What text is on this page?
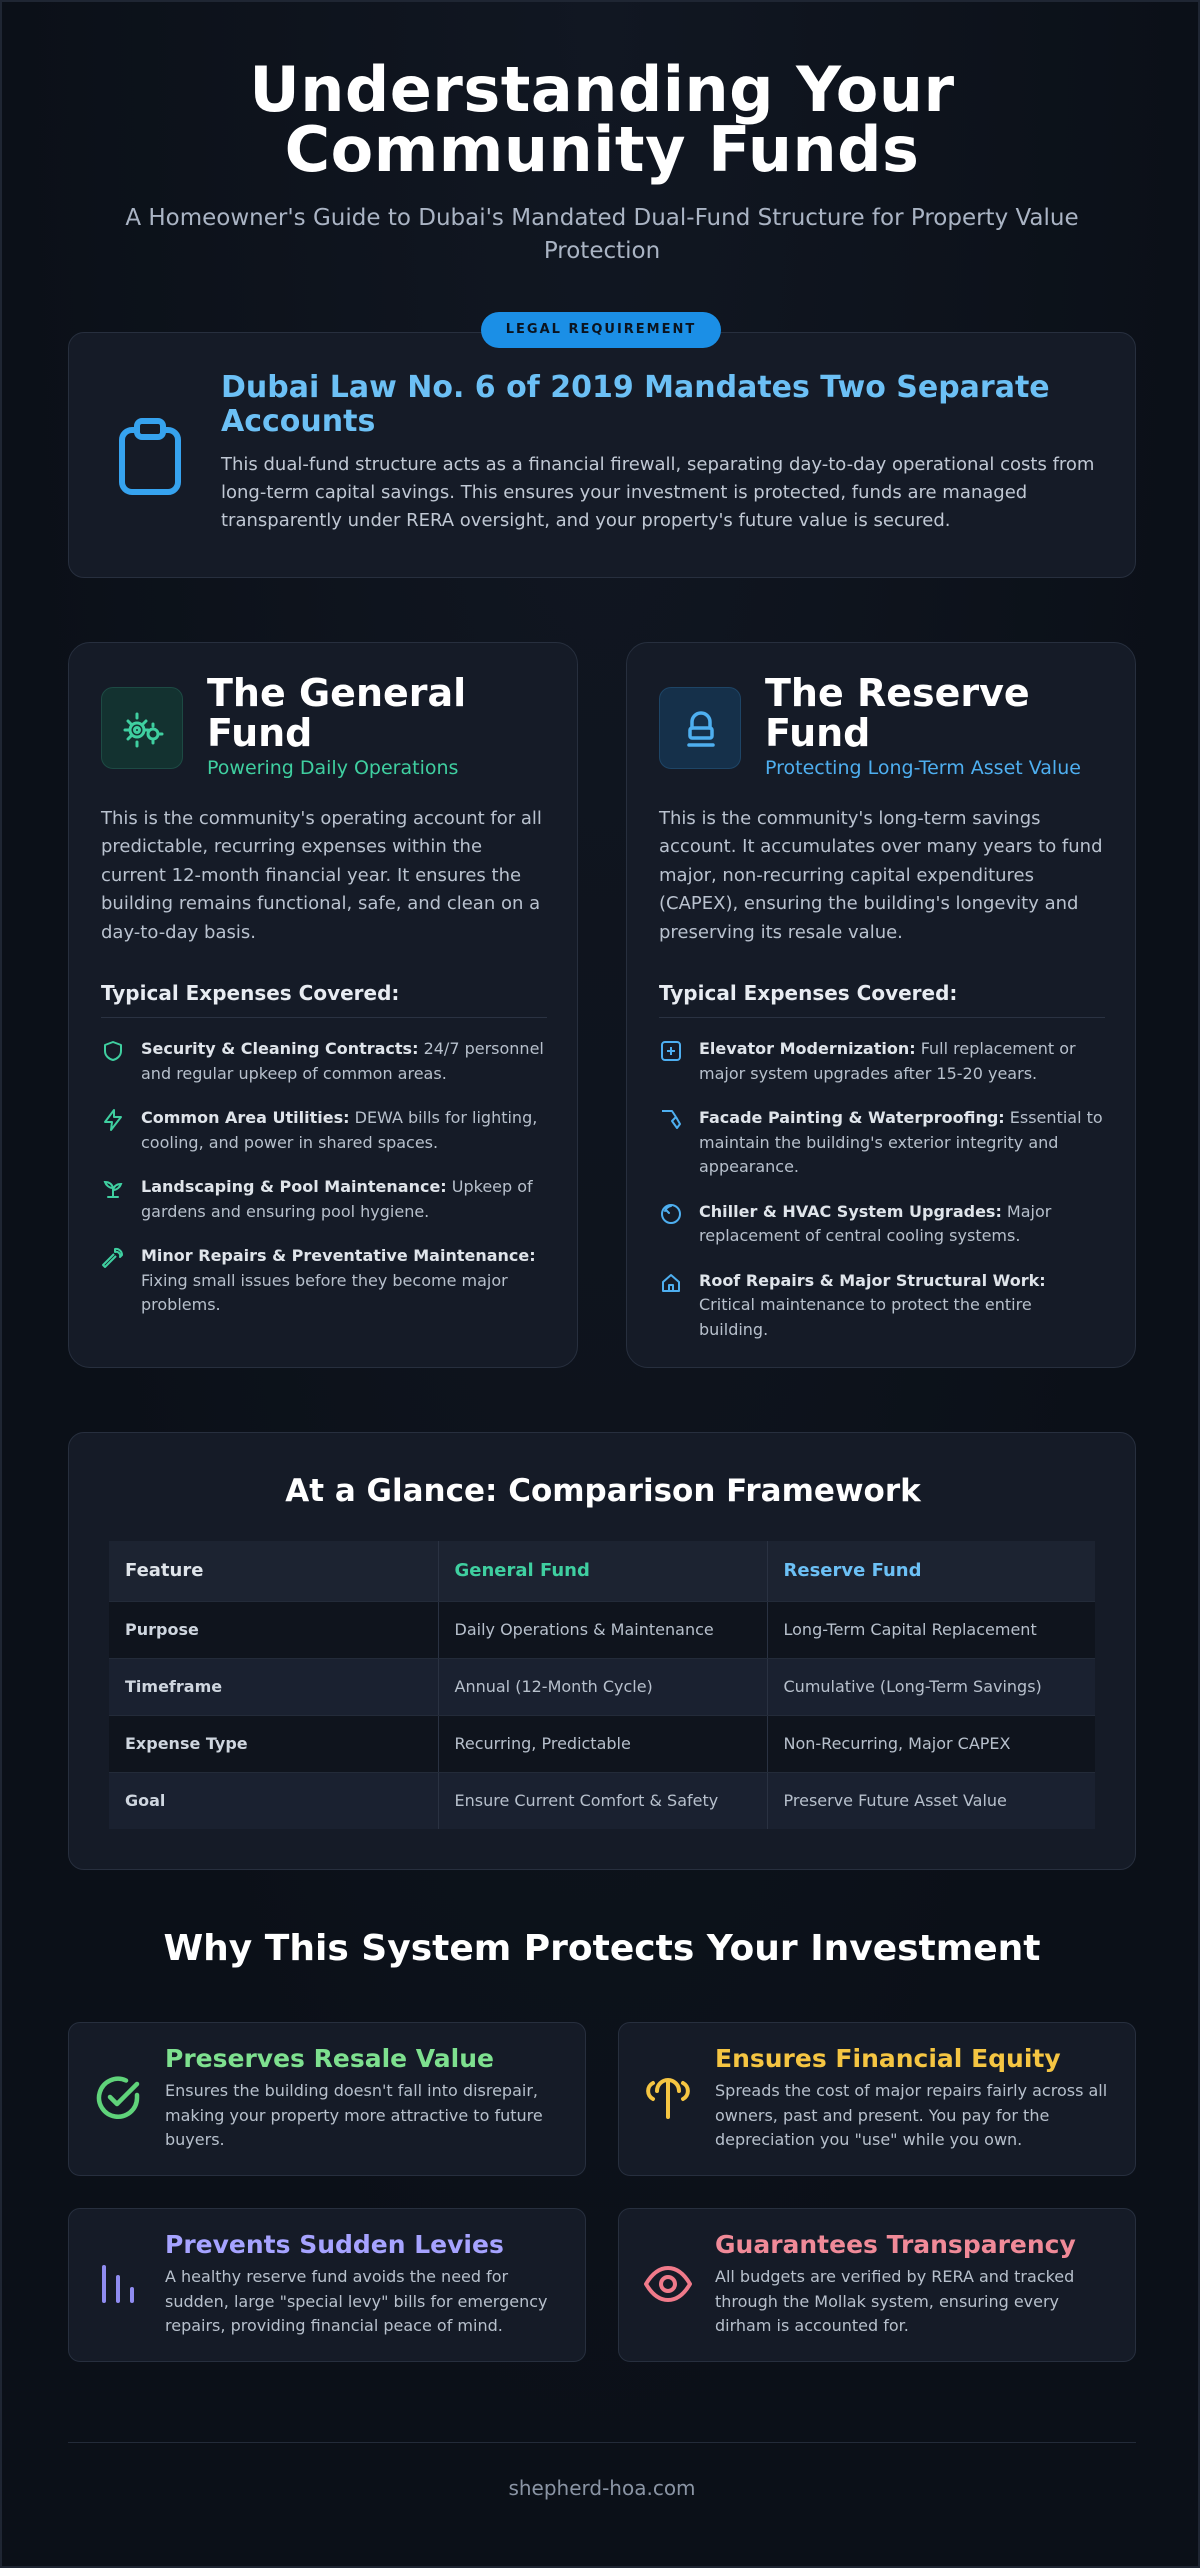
Understanding Your Community Funds

A Homeowner's Guide to Dubai's Mandated Dual-Fund Structure for Property Value Protection

LEGAL REQUIREMENT
Dubai Law No. 6 of 2019 Mandates Two Separate Accounts

This dual-fund structure acts as a financial firewall, separating day-to-day operational costs from long-term capital savings. This ensures your investment is protected, funds are managed transparently under RERA oversight, and your property's future value is secured.

The General Fund
Powering Daily Operations

This is the community's operating account for all predictable, recurring expenses within the current 12-month financial year. It ensures the building remains functional, safe, and clean on a day-to-day basis.

Typical Expenses Covered:
Security & Cleaning Contracts: 24/7 personnel and regular upkeep of common areas.
Common Area Utilities: DEWA bills for lighting, cooling, and power in shared spaces.
Landscaping & Pool Maintenance: Upkeep of gardens and ensuring pool hygiene.
Minor Repairs & Preventative Maintenance: Fixing small issues before they become major problems.
The Reserve Fund
Protecting Long-Term Asset Value

This is the community's long-term savings account. It accumulates over many years to fund major, non-recurring capital expenditures (CAPEX), ensuring the building's longevity and preserving its resale value.

Typical Expenses Covered:
Elevator Modernization: Full replacement or major system upgrades after 15-20 years.
Facade Painting & Waterproofing: Essential to maintain the building's exterior integrity and appearance.
Chiller & HVAC System Upgrades: Major replacement of central cooling systems.
Roof Repairs & Major Structural Work: Critical maintenance to protect the entire building.
At a Glance: Comparison Framework
Feature	General Fund	Reserve Fund
Purpose	Daily Operations & Maintenance	Long-Term Capital Replacement
Timeframe	Annual (12-Month Cycle)	Cumulative (Long-Term Savings)
Expense Type	Recurring, Predictable	Non-Recurring, Major CAPEX
Goal	Ensure Current Comfort & Safety	Preserve Future Asset Value
Why This System Protects Your Investment
Preserves Resale Value
Ensures the building doesn't fall into disrepair, making your property more attractive to future buyers.
Ensures Financial Equity
Spreads the cost of major repairs fairly across all owners, past and present. You pay for the depreciation you "use" while you own.
Prevents Sudden Levies
A healthy reserve fund avoids the need for sudden, large "special levy" bills for emergency repairs, providing financial peace of mind.
Guarantees Transparency
All budgets are verified by RERA and tracked through the Mollak system, ensuring every dirham is accounted for.
shepherd-hoa.com
